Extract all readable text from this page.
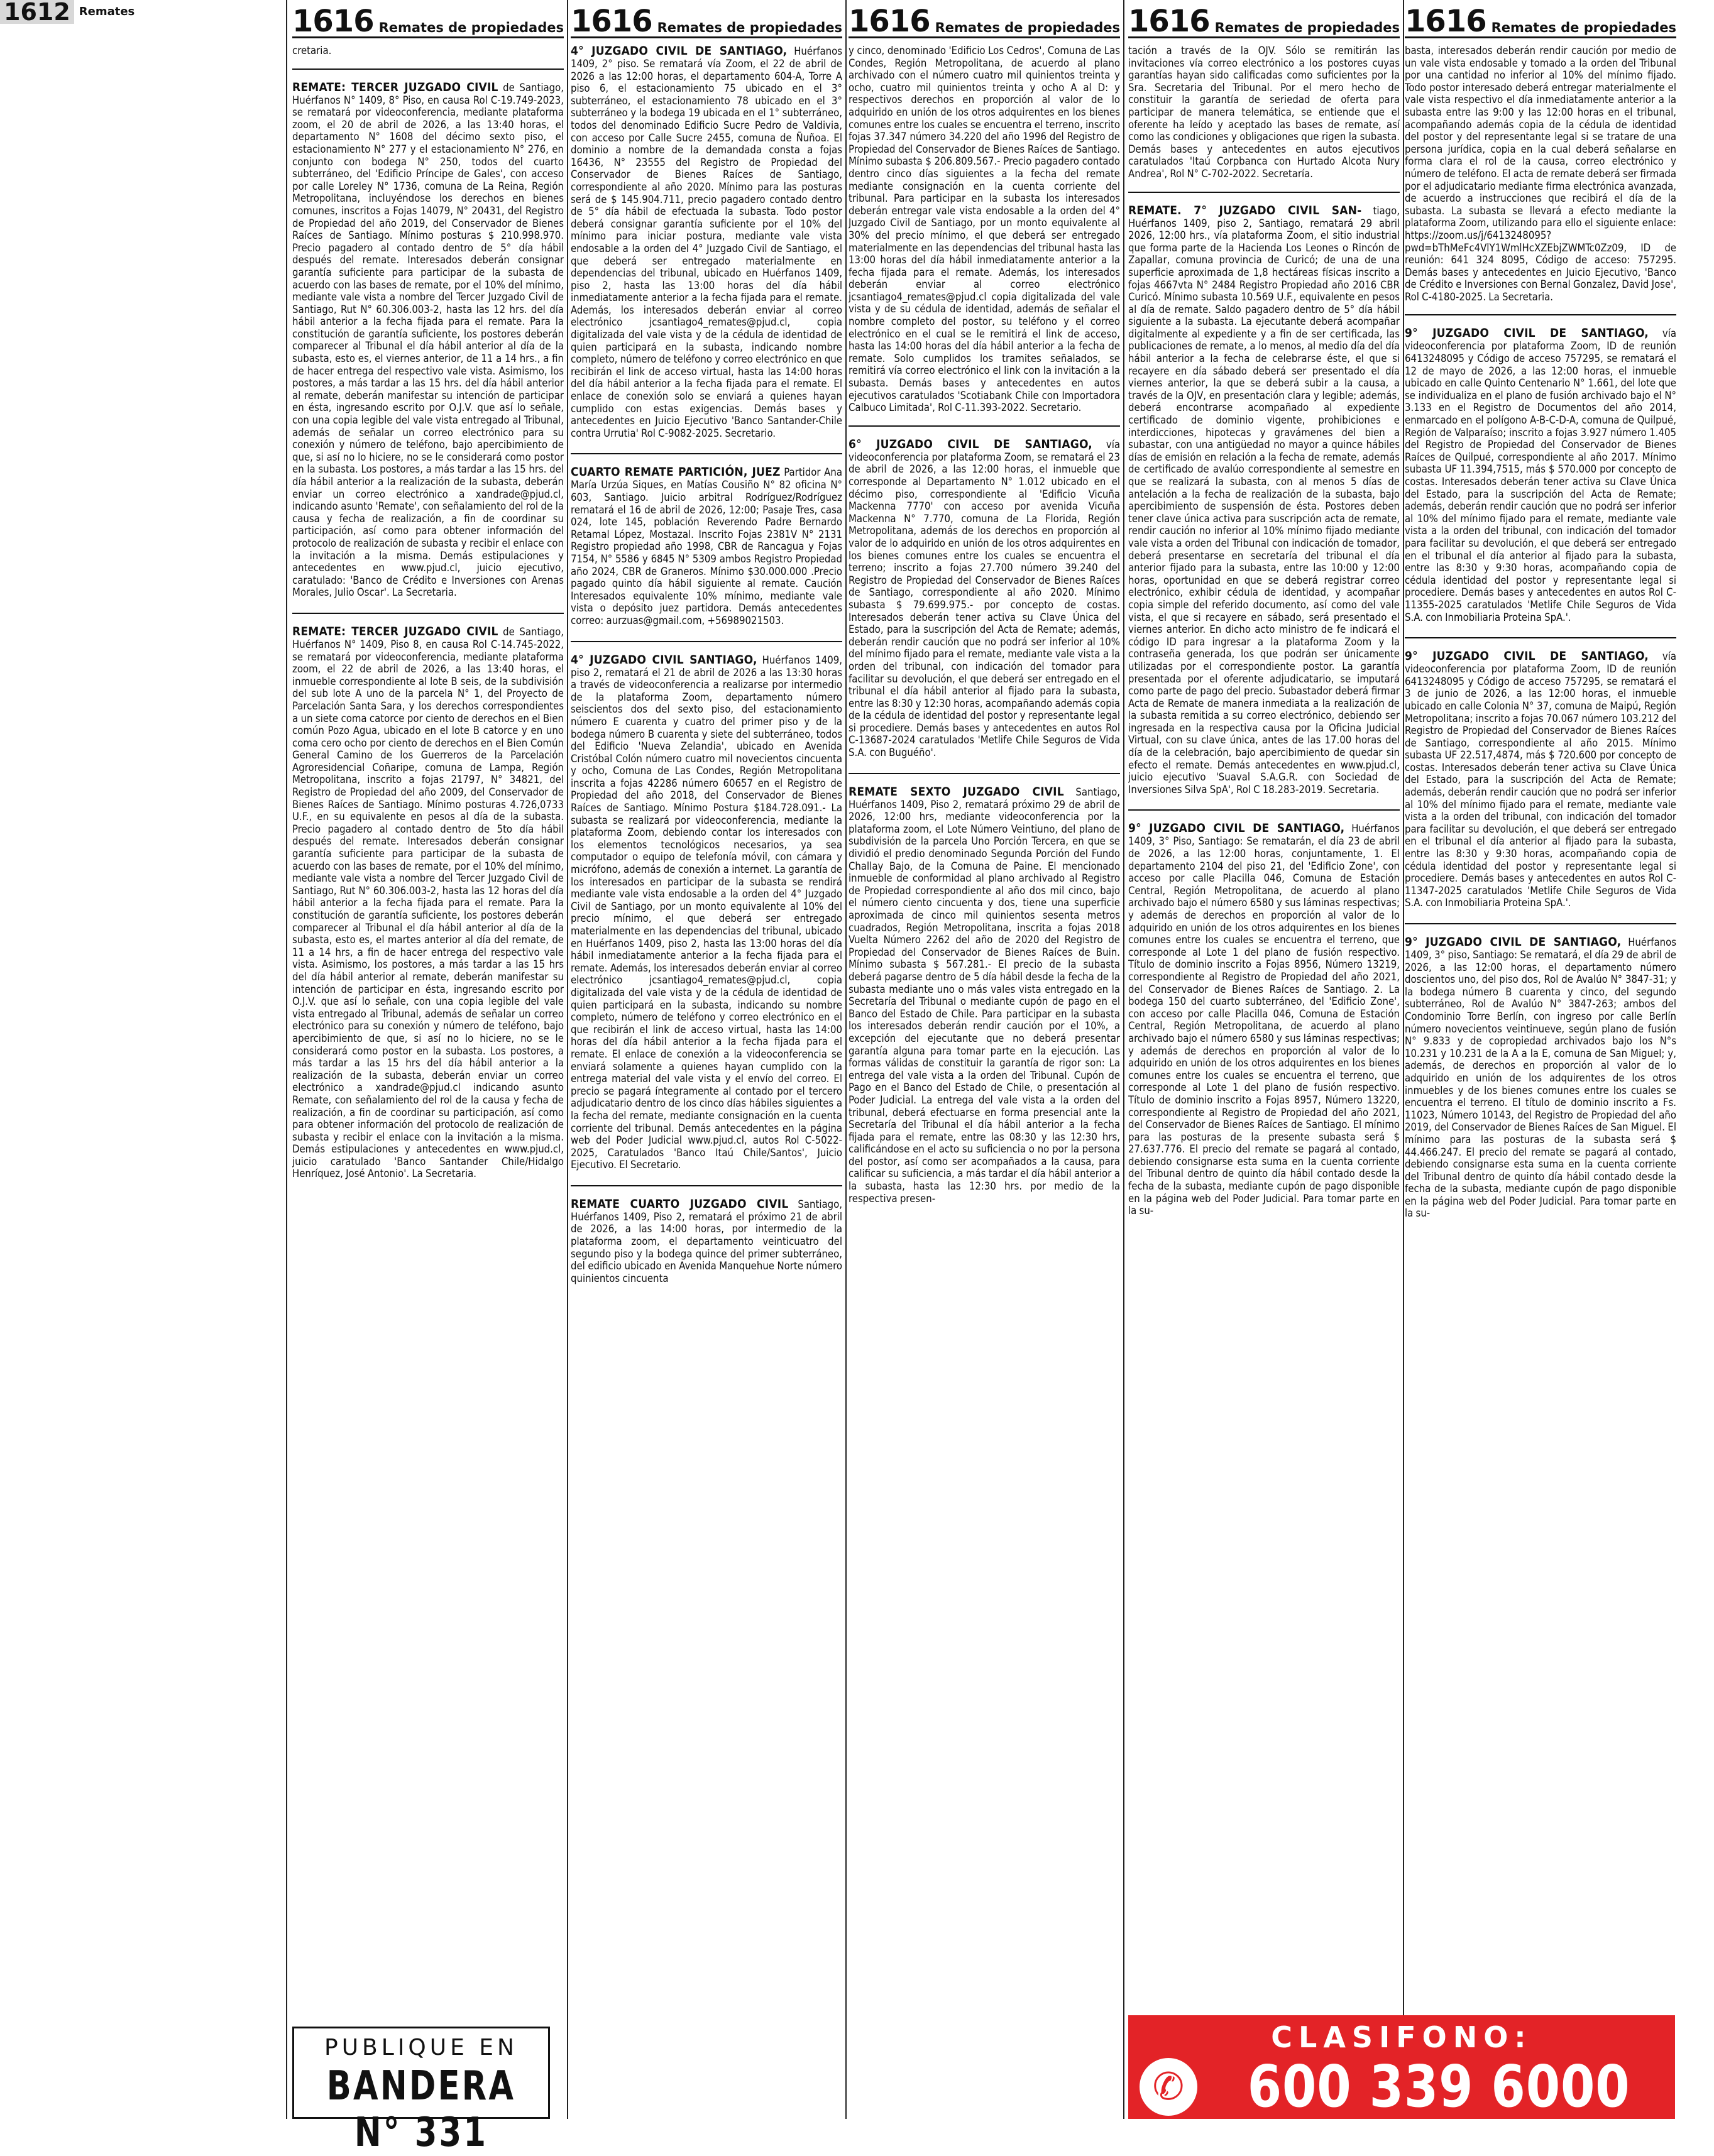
1612 Remates	1616 Remates de propiedades
cretaria.
REMATE: TERCER JUZGADO CIVIL de Santiago, Huérfanos N° 1409, 8° Piso, en causa Rol C-19.749-2023, se rematará por videoconferencia, mediante plataforma zoom, el 20 de abril de 2026, a las 13:40 horas, el departamento N° 1608 del décimo sexto piso, el estacionamiento N° 277 y el estacionamiento N° 276, en conjunto con bodega N° 250, todos del cuarto subterráneo, del 'Edificio Príncipe de Gales', con acceso por calle Loreley N° 1736, comuna de La Reina, Región Metropolitana, incluyéndose los derechos en bienes comunes, inscritos a Fojas 14079, N° 20431, del Registro de Propiedad del año 2019, del Conservador de Bienes Raíces de Santiago. Mínimo posturas $ 210.998.970. Precio pagadero al contado dentro de 5° día hábil después del remate. Interesados deberán consignar garantía suficiente para participar de la subasta de acuerdo con las bases de remate, por el 10% del mínimo, mediante vale vista a nombre del Tercer Juzgado Civil de Santiago, Rut N° 60.306.003-2, hasta las 12 hrs. del día hábil anterior a la fecha fijada para el remate. Para la constitución de garantía suficiente, los postores deberán comparecer al Tribunal el día hábil anterior al día de la subasta, esto es, el viernes anterior, de 11 a 14 hrs., a fin de hacer entrega del respectivo vale vista. Asimismo, los postores, a más tardar a las 15 hrs. del día hábil anterior al remate, deberán manifestar su intención de participar en ésta, ingresando escrito por O.J.V. que así lo señale, con una copia legible del vale vista entregado al Tribunal, además de señalar un correo electrónico para su conexión y número de teléfono, bajo apercibimiento de que, si así no lo hiciere, no se le considerará como postor en la subasta. Los postores, a más tardar a las 15 hrs. del día hábil anterior a la realización de la subasta, deberán enviar un correo electrónico a xandrade@pjud.cl, indicando asunto 'Remate', con señalamiento del rol de la causa y fecha de realización, a fin de coordinar su participación, así como para obtener información del protocolo de realización de subasta y recibir el enlace con la invitación a la misma. Demás estipulaciones y antecedentes en www.pjud.cl, juicio ejecutivo, caratulado: 'Banco de Crédito e Inversiones con Arenas Morales, Julio Oscar'. La Secretaria.
REMATE: TERCER JUZGADO CIVIL de Santiago, Huérfanos N° 1409, Piso 8, en causa Rol C-14.745-2022, se rematará por videoconferencia, mediante plataforma zoom, el 22 de abril de 2026, a las 13:40 horas, el inmueble correspondiente al lote B seis, de la subdivisión del sub lote A uno de la parcela N° 1, del Proyecto de Parcelación Santa Sara, y los derechos correspondientes a un siete coma catorce por ciento de derechos en el Bien común Pozo Agua, ubicado en el lote B catorce y en uno coma cero ocho por ciento de derechos en el Bien Común General Camino de los Guerreros de la Parcelación Agroresidencial Coñaripe, comuna de Lampa, Región Metropolitana, inscrito a fojas 21797, N° 34821, del Registro de Propiedad del año 2009, del Conservador de Bienes Raíces de Santiago. Mínimo posturas 4.726,0733 U.F., en su equivalente en pesos al día de la subasta. Precio pagadero al contado dentro de 5to día hábil después del remate. Interesados deberán consignar garantía suficiente para participar de la subasta de acuerdo con las bases de remate, por el 10% del mínimo, mediante vale vista a nombre del Tercer Juzgado Civil de Santiago, Rut N° 60.306.003-2, hasta las 12 horas del día hábil anterior a la fecha fijada para el remate. Para la constitución de garantía suficiente, los postores deberán comparecer al Tribunal el día hábil anterior al día de la subasta, esto es, el martes anterior al día del remate, de 11 a 14 hrs, a fin de hacer entrega del respectivo vale vista. Asimismo, los postores, a más tardar a las 15 hrs del día hábil anterior al remate, deberán manifestar su intención de participar en ésta, ingresando escrito por O.J.V. que así lo señale, con una copia legible del vale vista entregado al Tribunal, además de señalar un correo electrónico para su conexión y número de teléfono, bajo apercibimiento de que, si así no lo hiciere, no se le considerará como postor en la subasta. Los postores, a más tardar a las 15 hrs del día hábil anterior a la realización de la subasta, deberán enviar un correo electrónico a xandrade@pjud.cl indicando asunto Remate, con señalamiento del rol de la causa y fecha de realización, a fin de coordinar su participación, así como para obtener información del protocolo de realización de subasta y recibir el enlace con la invitación a la misma. Demás estipulaciones y antecedentes en www.pjud.cl, juicio caratulado 'Banco Santander Chile/Hidalgo Henríquez, José Antonio'. La Secretaria.
1616 Remates de propiedades
4° JUZGADO CIVIL DE SANTIAGO, Huérfanos 1409, 2° piso. Se rematará vía Zoom, el 22 de abril de 2026 a las 12:00 horas, el departamento 604-A, Torre A piso 6, el estacionamiento 75 ubicado en el 3° subterráneo, el estacionamiento 78 ubicado en el 3° subterráneo y la bodega 19 ubicada en el 1° subterráneo, todos del denominado Edificio Sucre Pedro de Valdivia, con acceso por Calle Sucre 2455, comuna de Ñuñoa. El dominio a nombre de la demandada consta a fojas 16436, N° 23555 del Registro de Propiedad del Conservador de Bienes Raíces de Santiago, correspondiente al año 2020. Mínimo para las posturas será de $ 145.904.711, precio pagadero contado dentro de 5° día hábil de efectuada la subasta. Todo postor deberá consignar garantía suficiente por el 10% del mínimo para iniciar postura, mediante vale vista endosable a la orden del 4° Juzgado Civil de Santiago, el que deberá ser entregado materialmente en dependencias del tribunal, ubicado en Huérfanos 1409, piso 2, hasta las 13:00 horas del día hábil inmediatamente anterior a la fecha fijada para el remate. Además, los interesados deberán enviar al correo electrónico jcsantiago4_remates@pjud.cl, copia digitalizada del vale vista y de la cédula de identidad de quien participará en la subasta, indicando nombre completo, número de teléfono y correo electrónico en que recibirán el link de acceso virtual, hasta las 14:00 horas del día hábil anterior a la fecha fijada para el remate. El enlace de conexión solo se enviará a quienes hayan cumplido con estas exigencias. Demás bases y antecedentes en Juicio Ejecutivo 'Banco Santander-Chile contra Urrutia' Rol C-9082-2025. Secretario.
CUARTO REMATE PARTICIÓN, JUEZ Partidor Ana María Urzúa Siques, en Matías Cousiño N° 82 oficina N° 603, Santiago. Juicio arbitral Rodríguez/Rodríguez rematará el 16 de abril de 2026, 12:00; Pasaje Tres, casa 024, lote 145, población Reverendo Padre Bernardo Retamal López, Mostazal. Inscrito Fojas 2381V N° 2131 Registro propiedad año 1998, CBR de Rancagua y Fojas 7154, N° 5586 y 6845 N° 5309 ambos Registro Propiedad año 2024, CBR de Graneros. Mínimo $30.000.000 .Precio pagado quinto día hábil siguiente al remate. Caución Interesados equivalente 10% mínimo, mediante vale vista o depósito juez partidora. Demás antecedentes correo: aurzuas@gmail.com, +56989021503.
4° JUZGADO CIVIL SANTIAGO, Huérfanos 1409, piso 2, rematará el 21 de abril de 2026 a las 13:30 horas a través de videoconferencia a realizarse por intermedio de la plataforma Zoom, departamento número seiscientos dos del sexto piso, del estacionamiento número E cuarenta y cuatro del primer piso y de la bodega número B cuarenta y siete del subterráneo, todos del Edificio 'Nueva Zelandia', ubicado en Avenida Cristóbal Colón número cuatro mil novecientos cincuenta y ocho, Comuna de Las Condes, Región Metropolitana inscrita a fojas 42286 número 60657 en el Registro de Propiedad del año 2018, del Conservador de Bienes Raíces de Santiago. Mínimo Postura $184.728.091.- La subasta se realizará por videoconferencia, mediante la plataforma Zoom, debiendo contar los interesados con los elementos tecnológicos necesarios, ya sea computador o equipo de telefonía móvil, con cámara y micrófono, además de conexión a internet. La garantía de los interesados en participar de la subasta se rendirá mediante vale vista endosable a la orden del 4° Juzgado Civil de Santiago, por un monto equivalente al 10% del precio mínimo, el que deberá ser entregado materialmente en las dependencias del tribunal, ubicado en Huérfanos 1409, piso 2, hasta las 13:00 horas del día hábil inmediatamente anterior a la fecha fijada para el remate. Además, los interesados deberán enviar al correo electrónico jcsantiago4_remates@pjud.cl, copia digitalizada del vale vista y de la cédula de identidad de quien participará en la subasta, indicando su nombre completo, número de teléfono y correo electrónico en el que recibirán el link de acceso virtual, hasta las 14:00 horas del día hábil anterior a la fecha fijada para el remate. El enlace de conexión a la videoconferencia se enviará solamente a quienes hayan cumplido con la entrega material del vale vista y el envío del correo. El precio se pagará íntegramente al contado por el tercero adjudicatario dentro de los cinco días hábiles siguientes a la fecha del remate, mediante consignación en la cuenta corriente del tribunal. Demás antecedentes en la página web del Poder Judicial www.pjud.cl, autos Rol C-5022-2025, Caratulados 'Banco Itaú Chile/Santos', Juicio Ejecutivo. El Secretario.
REMATE CUARTO JUZGADO CIVIL Santiago, Huérfanos 1409, Piso 2, rematará el próximo 21 de abril de 2026, a las 14:00 horas, por intermedio de la plataforma zoom, el departamento veinticuatro del segundo piso y la bodega quince del primer subterráneo, del edificio ubicado en Avenida Manquehue Norte número quinientos cincuenta
1616 Remates de propiedades
y cinco, denominado 'Edificio Los Cedros', Comuna de Las Condes, Región Metropolitana, de acuerdo al plano archivado con el número cuatro mil quinientos treinta y ocho, cuatro mil quinientos treinta y ocho A al D: y respectivos derechos en proporción al valor de lo adquirido en unión de los otros adquirentes en los bienes comunes entre los cuales se encuentra el terreno, inscrito fojas 37.347 número 34.220 del año 1996 del Registro de Propiedad del Conservador de Bienes Raíces de Santiago. Mínimo subasta $ 206.809.567.- Precio pagadero contado dentro cinco días siguientes a la fecha del remate mediante consignación en la cuenta corriente del tribunal. Para participar en la subasta los interesados deberán entregar vale vista endosable a la orden del 4° Juzgado Civil de Santiago, por un monto equivalente al 30% del precio mínimo, el que deberá ser entregado materialmente en las dependencias del tribunal hasta las 13:00 horas del día hábil inmediatamente anterior a la fecha fijada para el remate. Además, los interesados deberán enviar al correo electrónico jcsantiago4_remates@pjud.cl copia digitalizada del vale vista y de su cédula de identidad, además de señalar el nombre completo del postor, su teléfono y el correo electrónico en el cual se le remitirá el link de acceso, hasta las 14:00 horas del día hábil anterior a la fecha de remate. Solo cumplidos los tramites señalados, se remitirá vía correo electrónico el link con la invitación a la subasta. Demás bases y antecedentes en autos ejecutivos caratulados 'Scotiabank Chile con Importadora Calbuco Limitada', Rol C-11.393-2022. Secretario.
6° JUZGADO CIVIL DE SANTIAGO, vía videoconferencia por plataforma Zoom, se rematará el 23 de abril de 2026, a las 12:00 horas, el inmueble que corresponde al Departamento N° 1.012 ubicado en el décimo piso, correspondiente al 'Edificio Vicuña Mackenna 7770' con acceso por avenida Vicuña Mackenna N° 7.770, comuna de La Florida, Región Metropolitana, además de los derechos en proporción al valor de lo adquirido en unión de los otros adquirentes en los bienes comunes entre los cuales se encuentra el terreno; inscrito a fojas 27.700 número 39.240 del Registro de Propiedad del Conservador de Bienes Raíces de Santiago, correspondiente al año 2020. Mínimo subasta $ 79.699.975.- por concepto de costas. Interesados deberán tener activa su Clave Única del Estado, para la suscripción del Acta de Remate; además, deberán rendir caución que no podrá ser inferior al 10% del mínimo fijado para el remate, mediante vale vista a la orden del tribunal, con indicación del tomador para facilitar su devolución, el que deberá ser entregado en el tribunal el día hábil anterior al fijado para la subasta, entre las 8:30 y 12:30 horas, acompañando además copia de la cédula de identidad del postor y representante legal si procediere. Demás bases y antecedentes en autos Rol C-13687-2024 caratulados 'Metlife Chile Seguros de Vida S.A. con Buguéño'.
REMATE SEXTO JUZGADO CIVIL Santiago, Huérfanos 1409, Piso 2, rematará próximo 29 de abril de 2026, 12:00 hrs, mediante videoconferencia por la plataforma zoom, el Lote Número Veintiuno, del plano de subdivisión de la parcela Uno Porción Tercera, en que se dividió el predio denominado Segunda Porción del Fundo Challay Bajo, de la Comuna de Paine. El mencionado inmueble de conformidad al plano archivado al Registro de Propiedad correspondiente al año dos mil cinco, bajo el número ciento cincuenta y dos, tiene una superficie aproximada de cinco mil quinientos sesenta metros cuadrados, Región Metropolitana, inscrita a fojas 2018 Vuelta Número 2262 del año de 2020 del Registro de Propiedad del Conservador de Bienes Raíces de Buin. Mínimo subasta $ 567.281.- El precio de la subasta deberá pagarse dentro de 5 día hábil desde la fecha de la subasta mediante uno o más vales vista entregado en la Secretaría del Tribunal o mediante cupón de pago en el Banco del Estado de Chile. Para participar en la subasta los interesados deberán rendir caución por el 10%, a excepción del ejecutante que no deberá presentar garantía alguna para tomar parte en la ejecución. Las formas válidas de constituir la garantía de rigor son: La entrega del vale vista a la orden del Tribunal. Cupón de Pago en el Banco del Estado de Chile, o presentación al Poder Judicial. La entrega del vale vista a la orden del tribunal, deberá efectuarse en forma presencial ante la Secretaría del Tribunal el día hábil anterior a la fecha fijada para el remate, entre las 08:30 y las 12:30 hrs, calificándose en el acto su suficiencia o no por la persona del postor, así como ser acompañados a la causa, para calificar su suficiencia, a más tardar el día hábil anterior a la subasta, hasta las 12:30 hrs. por medio de la respectiva presen-
1616 Remates de propiedades
tación a través de la OJV. Sólo se remitirán las invitaciones vía correo electrónico a los postores cuyas garantías hayan sido calificadas como suficientes por la Sra. Secretaria del Tribunal. Por el mero hecho de constituir la garantía de seriedad de oferta para participar de manera telemática, se entiende que el oferente ha leído y aceptado las bases de remate, así como las condiciones y obligaciones que rigen la subasta. Demás bases y antecedentes en autos ejecutivos caratulados 'Itaú Corpbanca con Hurtado Alcota Nury Andrea', Rol N° C-702-2022. Secretaría.
REMATE. 7° JUZGADO CIVIL SAN- tiago, Huérfanos 1409, piso 2, Santiago, rematará 29 abril 2026, 12:00 hrs., vía plataforma Zoom, el sitio industrial que forma parte de la Hacienda Los Leones o Rincón de Zapallar, comuna provincia de Curicó; de una de una superficie aproximada de 1,8 hectáreas físicas inscrito a fojas 4667vta N° 2484 Registro Propiedad año 2016 CBR Curicó. Mínimo subasta 10.569 U.F., equivalente en pesos al día de remate. Saldo pagadero dentro de 5° día hábil siguiente a la subasta. La ejecutante deberá acompañar digitalmente al expediente y a fin de ser certificada, las publicaciones de remate, a lo menos, al medio día del día hábil anterior a la fecha de celebrarse éste, el que si recayere en día sábado deberá ser presentado el día viernes anterior, la que se deberá subir a la causa, a través de la OJV, en presentación clara y legible; además, deberá encontrarse acompañado al expediente certificado de dominio vigente, prohibiciones e interdicciones, hipotecas y gravámenes del bien a subastar, con una antigüedad no mayor a quince hábiles días de emisión en relación a la fecha de remate, además de certificado de avalúo correspondiente al semestre en que se realizará la subasta, con al menos 5 días de antelación a la fecha de realización de la subasta, bajo apercibimiento de suspensión de ésta. Postores deben tener clave única activa para suscripción acta de remate, rendir caución no inferior al 10% mínimo fijado mediante vale vista a orden del Tribunal con indicación de tomador, deberá presentarse en secretaría del tribunal el día anterior fijado para la subasta, entre las 10:00 y 12:00 horas, oportunidad en que se deberá registrar correo electrónico, exhibir cédula de identidad, y acompañar copia simple del referido documento, así como del vale vista, el que si recayere en sábado, será presentado el viernes anterior. En dicho acto ministro de fe indicará el código ID para ingresar a la plataforma Zoom y la contraseña generada, los que podrán ser únicamente utilizadas por el correspondiente postor. La garantía presentada por el oferente adjudicatario, se imputará como parte de pago del precio. Subastador deberá firmar Acta de Remate de manera inmediata a la realización de la subasta remitida a su correo electrónico, debiendo ser ingresada en la respectiva causa por la Oficina Judicial Virtual, con su clave única, antes de las 17.00 horas del día de la celebración, bajo apercibimiento de quedar sin efecto el remate. Demás antecedentes en www.pjud.cl, juicio ejecutivo 'Suaval S.A.G.R. con Sociedad de Inversiones Silva SpA', Rol C 18.283-2019. Secretaria.
9° JUZGADO CIVIL DE SANTIAGO, Huérfanos 1409, 3° Piso, Santiago: Se rematarán, el día 23 de abril de 2026, a las 12:00 horas, conjuntamente, 1. El departamento 2104 del piso 21, del 'Edificio Zone', con acceso por calle Placilla 046, Comuna de Estación Central, Región Metropolitana, de acuerdo al plano archivado bajo el número 6580 y sus láminas respectivas; y además de derechos en proporción al valor de lo adquirido en unión de los otros adquirentes en los bienes comunes entre los cuales se encuentra el terreno, que corresponde al Lote 1 del plano de fusión respectivo. Título de dominio inscrito a Fojas 8956, Número 13219, correspondiente al Registro de Propiedad del año 2021, del Conservador de Bienes Raíces de Santiago. 2. La bodega 150 del cuarto subterráneo, del 'Edificio Zone', con acceso por calle Placilla 046, Comuna de Estación Central, Región Metropolitana, de acuerdo al plano archivado bajo el número 6580 y sus láminas respectivas; y además de derechos en proporción al valor de lo adquirido en unión de los otros adquirentes en los bienes comunes entre los cuales se encuentra el terreno, que corresponde al Lote 1 del plano de fusión respectivo. Título de dominio inscrito a Fojas 8957, Número 13220, correspondiente al Registro de Propiedad del año 2021, del Conservador de Bienes Raíces de Santiago. El mínimo para las posturas de la presente subasta será $ 27.637.776. El precio del remate se pagará al contado, debiendo consignarse esta suma en la cuenta corriente del Tribunal dentro de quinto día hábil contado desde la fecha de la subasta, mediante cupón de pago disponible en la página web del Poder Judicial. Para tomar parte en la su-
1616 Remates de propiedades
basta, interesados deberán rendir caución por medio de un vale vista endosable y tomado a la orden del Tribunal por una cantidad no inferior al 10% del mínimo fijado. Todo postor interesado deberá entregar materialmente el vale vista respectivo el día inmediatamente anterior a la subasta entre las 9:00 y las 12:00 horas en el tribunal, acompañando además copia de la cédula de identidad del postor y del representante legal si se tratare de una persona jurídica, copia en la cual deberá señalarse en forma clara el rol de la causa, correo electrónico y número de teléfono. El acta de remate deberá ser firmada por el adjudicatario mediante firma electrónica avanzada, de acuerdo a instrucciones que recibirá el día de la subasta. La subasta se llevará a efecto mediante la plataforma Zoom, utilizando para ello el siguiente enlace: https://zoom.us/j/6413248095?pwd=bThMeFc4VlY1WmlHcXZEbjZWMTc0Zz09, ID de reunión: 641 324 8095, Código de acceso: 757295. Demás bases y antecedentes en Juicio Ejecutivo, 'Banco de Crédito e Inversiones con Bernal Gonzalez, David Jose', Rol C-4180-2025. La Secretaria.
9° JUZGADO CIVIL DE SANTIAGO, vía videoconferencia por plataforma Zoom, ID de reunión 6413248095 y Código de acceso 757295, se rematará el 12 de mayo de 2026, a las 12:00 horas, el inmueble ubicado en calle Quinto Centenario N° 1.661, del lote que se individualiza en el plano de fusión archivado bajo el N° 3.133 en el Registro de Documentos del año 2014, enmarcado en el polígono A-B-C-D-A, comuna de Quilpué, Región de Valparaíso; inscrito a fojas 3.927 número 1.405 del Registro de Propiedad del Conservador de Bienes Raíces de Quilpué, correspondiente al año 2017. Mínimo subasta UF 11.394,7515, más $ 570.000 por concepto de costas. Interesados deberán tener activa su Clave Única del Estado, para la suscripción del Acta de Remate; además, deberán rendir caución que no podrá ser inferior al 10% del mínimo fijado para el remate, mediante vale vista a la orden del tribunal, con indicación del tomador para facilitar su devolución, el que deberá ser entregado en el tribunal el día anterior al fijado para la subasta, entre las 8:30 y 9:30 horas, acompañando copia de cédula identidad del postor y representante legal si procediere. Demás bases y antecedentes en autos Rol C-11355-2025 caratulados 'Metlife Chile Seguros de Vida S.A. con Inmobiliaria Proteina SpA.'.
9° JUZGADO CIVIL DE SANTIAGO, vía videoconferencia por plataforma Zoom, ID de reunión 6413248095 y Código de acceso 757295, se rematará el 3 de junio de 2026, a las 12:00 horas, el inmueble ubicado en calle Colonia N° 37, comuna de Maipú, Región Metropolitana; inscrito a fojas 70.067 número 103.212 del Registro de Propiedad del Conservador de Bienes Raíces de Santiago, correspondiente al año 2015. Mínimo subasta UF 22.517,4874, más $ 720.600 por concepto de costas. Interesados deberán tener activa su Clave Única del Estado, para la suscripción del Acta de Remate; además, deberán rendir caución que no podrá ser inferior al 10% del mínimo fijado para el remate, mediante vale vista a la orden del tribunal, con indicación del tomador para facilitar su devolución, el que deberá ser entregado en el tribunal el día anterior al fijado para la subasta, entre las 8:30 y 9:30 horas, acompañando copia de cédula identidad del postor y representante legal si procediere. Demás bases y antecedentes en autos Rol C-11347-2025 caratulados 'Metlife Chile Seguros de Vida S.A. con Inmobiliaria Proteina SpA.'.
9° JUZGADO CIVIL DE SANTIAGO, Huérfanos 1409, 3° piso, Santiago: Se rematará, el día 29 de abril de 2026, a las 12:00 horas, el departamento número doscientos uno, del piso dos, Rol de Avalúo N° 3847-31; y la bodega número B cuarenta y cinco, del segundo subterráneo, Rol de Avalúo N° 3847-263; ambos del Condominio Torre Berlín, con ingreso por calle Berlín número novecientos veintinueve, según plano de fusión N° 9.833 y de copropiedad archivados bajo los N°s 10.231 y 10.231 de la A a la E, comuna de San Miguel; y, además, de derechos en proporción al valor de lo adquirido en unión de los adquirentes de los otros inmuebles y de los bienes comunes entre los cuales se encuentra el terreno. El título de dominio inscrito a Fs. 11023, Número 10143, del Registro de Propiedad del año 2019, del Conservador de Bienes Raíces de San Miguel. El mínimo para las posturas de la subasta será $ 44.466.247. El precio del remate se pagará al contado, debiendo consignarse esta suma en la cuenta corriente del Tribunal dentro de quinto día hábil contado desde la fecha de la subasta, mediante cupón de pago disponible en la página web del Poder Judicial. Para tomar parte en la su-
PUBLIQUE EN
BANDERA N° 331
CLASIFONO:
✆ 600 339 6000
